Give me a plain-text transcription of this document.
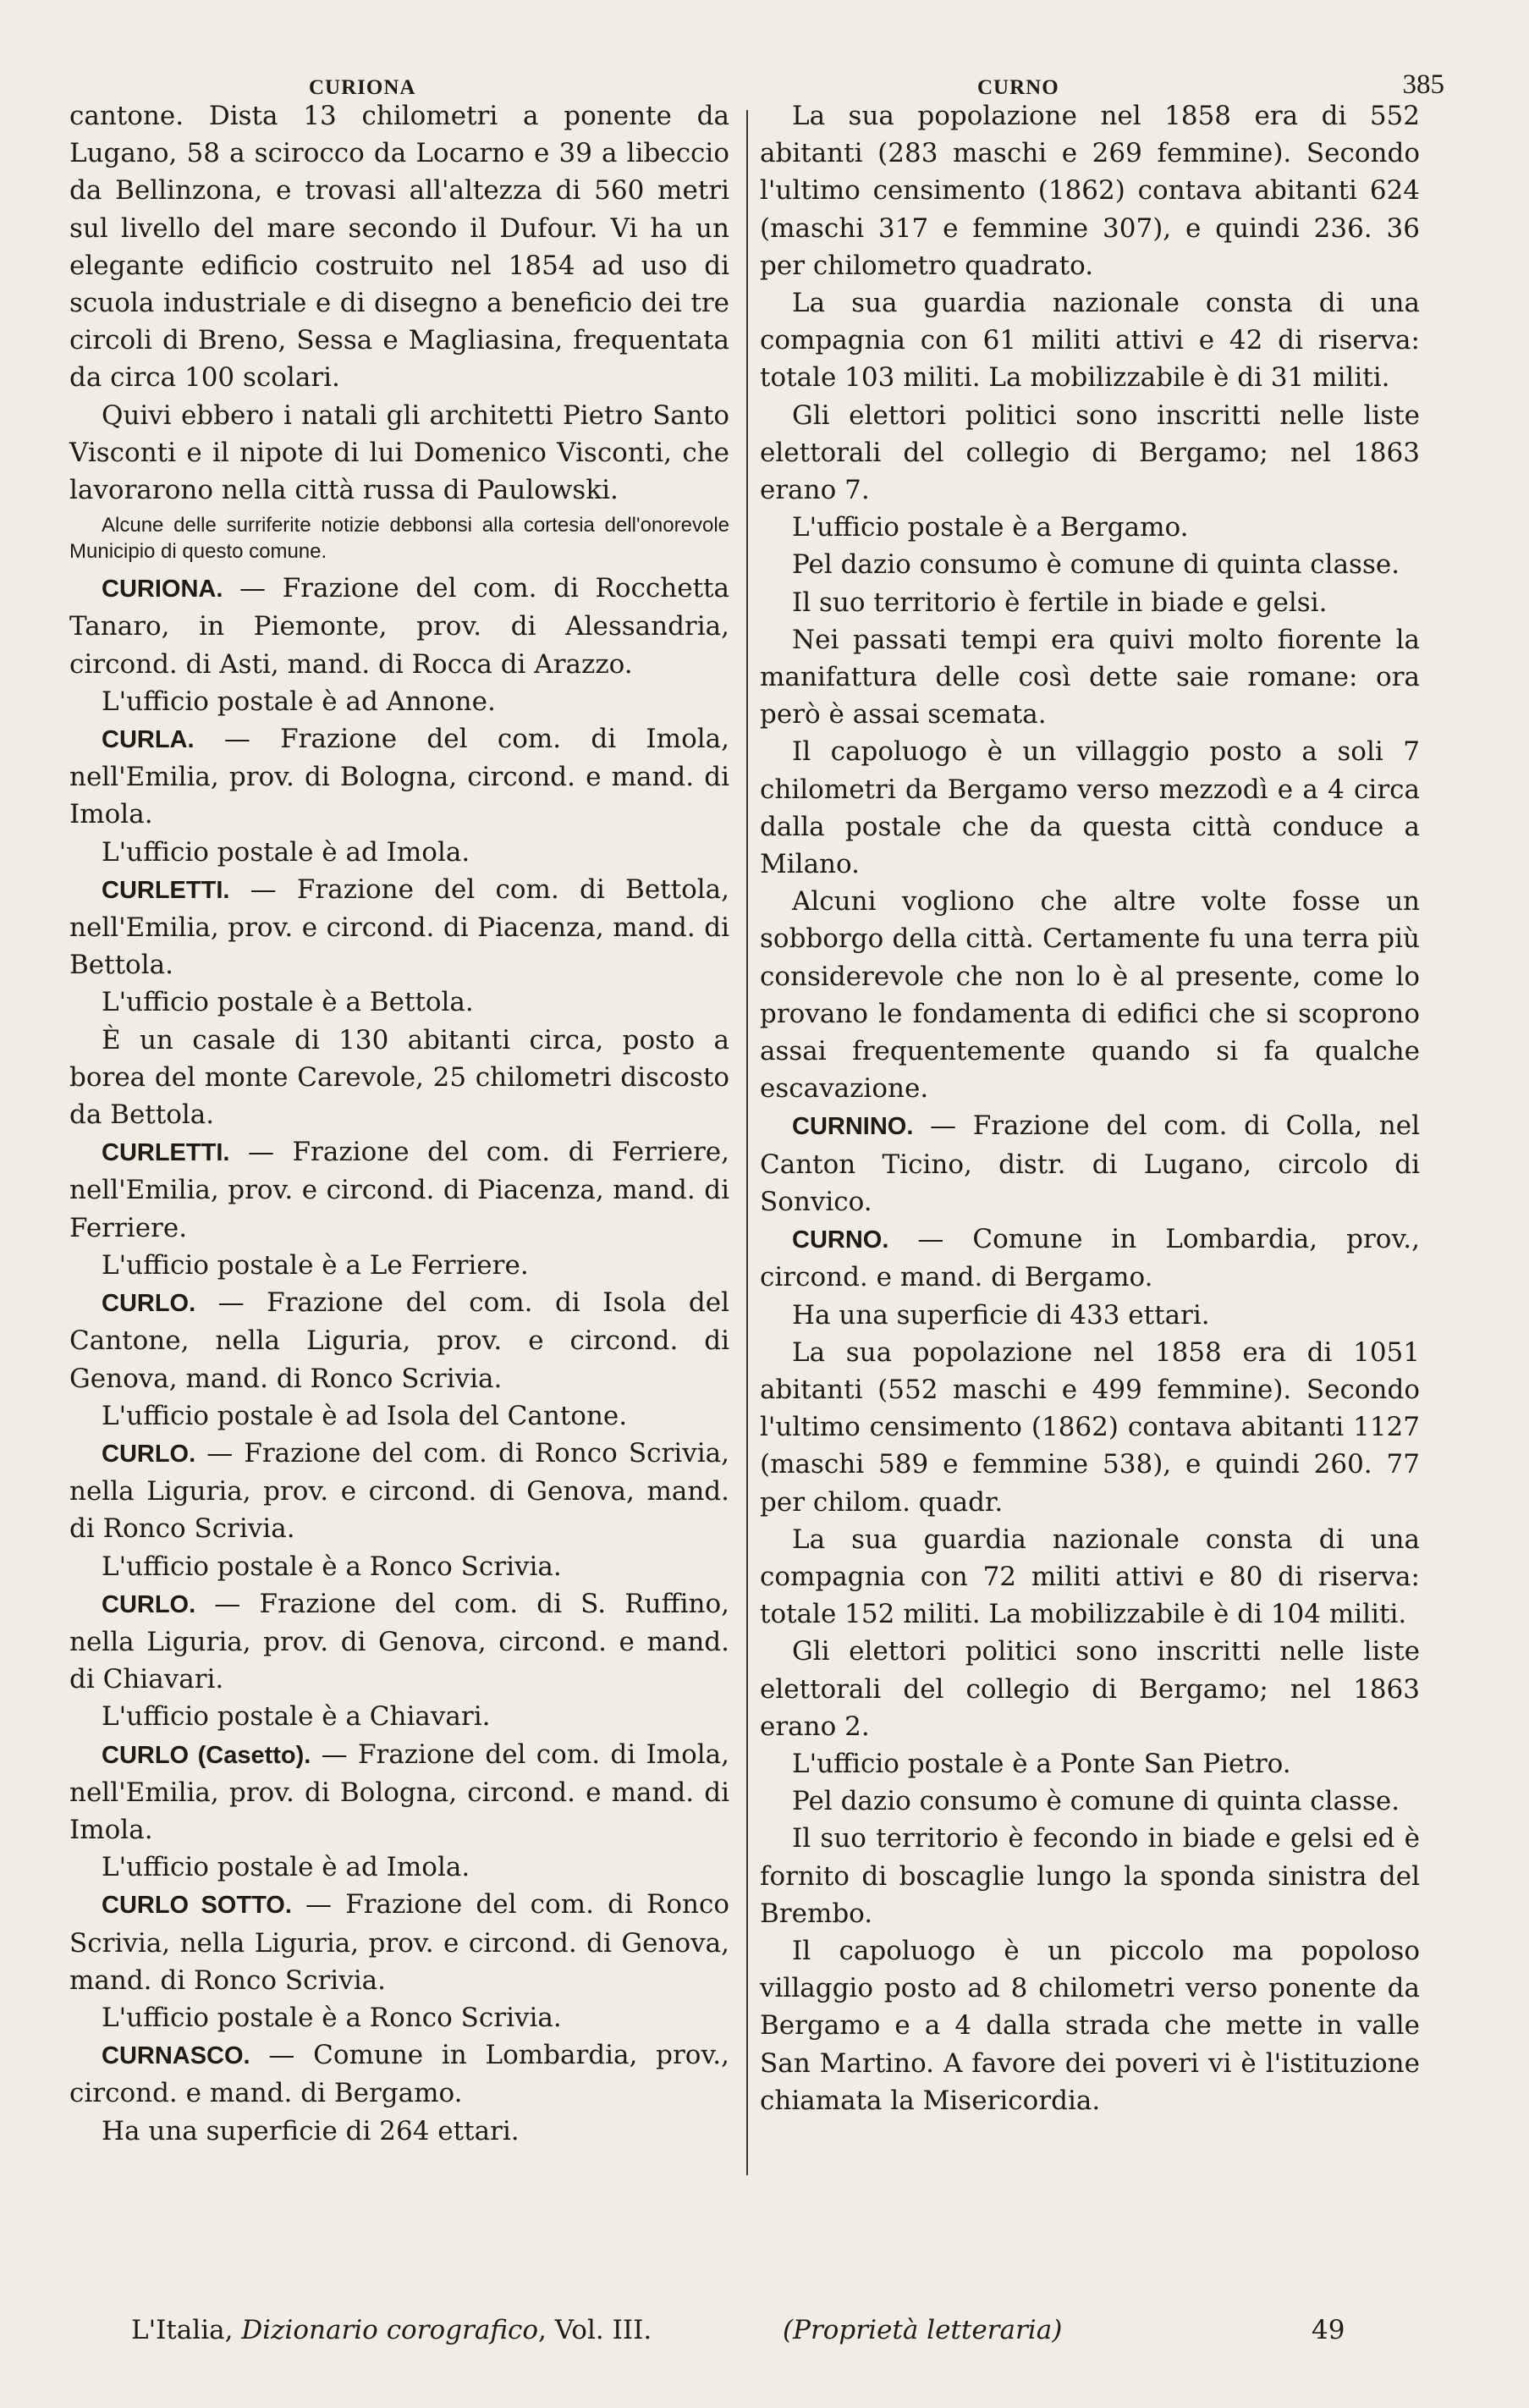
CURIONA	CURNO	385

cantone. Dista 13 chilometri a ponente da Lugano, 58 a scirocco da Locarno e 39 a libeccio da Bellinzona, e trovasi all'altezza di 560 metri sul livello del mare secondo il Dufour. Vi ha un elegante edificio costruito nel 1854 ad uso di scuola industriale e di disegno a beneficio dei tre circoli di Breno, Sessa e Magliasina, frequentata da circa 100 scolari.

Quivi ebbero i natali gli architetti Pietro Santo Visconti e il nipote di lui Domenico Visconti, che lavorarono nella città russa di Paulowski.

Alcune delle surriferite notizie debbonsi alla cortesia dell'onorevole Municipio di questo comune.

CURIONA. — Frazione del com. di Rocchetta Tanaro, in Piemonte, prov. di Alessandria, circond. di Asti, mand. di Rocca di Arazzo.

L'ufficio postale è ad Annone.

CURLA. — Frazione del com. di Imola, nell'Emilia, prov. di Bologna, circond. e mand. di Imola.

L'ufficio postale è ad Imola.

CURLETTI. — Frazione del com. di Bettola, nell'Emilia, prov. e circond. di Piacenza, mand. di Bettola.

L'ufficio postale è a Bettola.

È un casale di 130 abitanti circa, posto a borea del monte Carevole, 25 chilometri discosto da Bettola.

CURLETTI. — Frazione del com. di Ferriere, nell'Emilia, prov. e circond. di Piacenza, mand. di Ferriere.

L'ufficio postale è a Le Ferriere.

CURLO. — Frazione del com. di Isola del Cantone, nella Liguria, prov. e circond. di Genova, mand. di Ronco Scrivia.

L'ufficio postale è ad Isola del Cantone.

CURLO. — Frazione del com. di Ronco Scrivia, nella Liguria, prov. e circond. di Genova, mand. di Ronco Scrivia.

L'ufficio postale è a Ronco Scrivia.

CURLO. — Frazione del com. di S. Ruffino, nella Liguria, prov. di Genova, circond. e mand. di Chiavari.

L'ufficio postale è a Chiavari.

CURLO (Casetto). — Frazione del com. di Imola, nell'Emilia, prov. di Bologna, circond. e mand. di Imola.

L'ufficio postale è ad Imola.

CURLO SOTTO. — Frazione del com. di Ronco Scrivia, nella Liguria, prov. e circond. di Genova, mand. di Ronco Scrivia.

L'ufficio postale è a Ronco Scrivia.

CURNASCO. — Comune in Lombardia, prov., circond. e mand. di Bergamo.

Ha una superficie di 264 ettari.

La sua popolazione nel 1858 era di 552 abitanti (283 maschi e 269 femmine). Secondo l'ultimo censimento (1862) contava abitanti 624 (maschi 317 e femmine 307), e quindi 236. 36 per chilometro quadrato.

La sua guardia nazionale consta di una compagnia con 61 militi attivi e 42 di riserva: totale 103 militi. La mobilizzabile è di 31 militi.

Gli elettori politici sono inscritti nelle liste elettorali del collegio di Bergamo; nel 1863 erano 7.

L'ufficio postale è a Bergamo.

Pel dazio consumo è comune di quinta classe.

Il suo territorio è fertile in biade e gelsi.

Nei passati tempi era quivi molto fiorente la manifattura delle così dette saie romane: ora però è assai scemata.

Il capoluogo è un villaggio posto a soli 7 chilometri da Bergamo verso mezzodì e a 4 circa dalla postale che da questa città conduce a Milano.

Alcuni vogliono che altre volte fosse un sobborgo della città. Certamente fu una terra più considerevole che non lo è al presente, come lo provano le fondamenta di edifici che si scoprono assai frequentemente quando si fa qualche escavazione.

CURNINO. — Frazione del com. di Colla, nel Canton Ticino, distr. di Lugano, circolo di Sonvico.

CURNO. — Comune in Lombardia, prov., circond. e mand. di Bergamo.

Ha una superficie di 433 ettari.

La sua popolazione nel 1858 era di 1051 abitanti (552 maschi e 499 femmine). Secondo l'ultimo censimento (1862) contava abitanti 1127 (maschi 589 e femmine 538), e quindi 260. 77 per chilom. quadr.

La sua guardia nazionale consta di una compagnia con 72 militi attivi e 80 di riserva: totale 152 militi. La mobilizzabile è di 104 militi.

Gli elettori politici sono inscritti nelle liste elettorali del collegio di Bergamo; nel 1863 erano 2.

L'ufficio postale è a Ponte San Pietro.

Pel dazio consumo è comune di quinta classe.

Il suo territorio è fecondo in biade e gelsi ed è fornito di boscaglie lungo la sponda sinistra del Brembo.

Il capoluogo è un piccolo ma popoloso villaggio posto ad 8 chilometri verso ponente da Bergamo e a 4 dalla strada che mette in valle San Martino. A favore dei poveri vi è l'istituzione chiamata la Misericordia.

L'Italia, Dizionario corografico, Vol. III.	(Proprietà letteraria)	49
